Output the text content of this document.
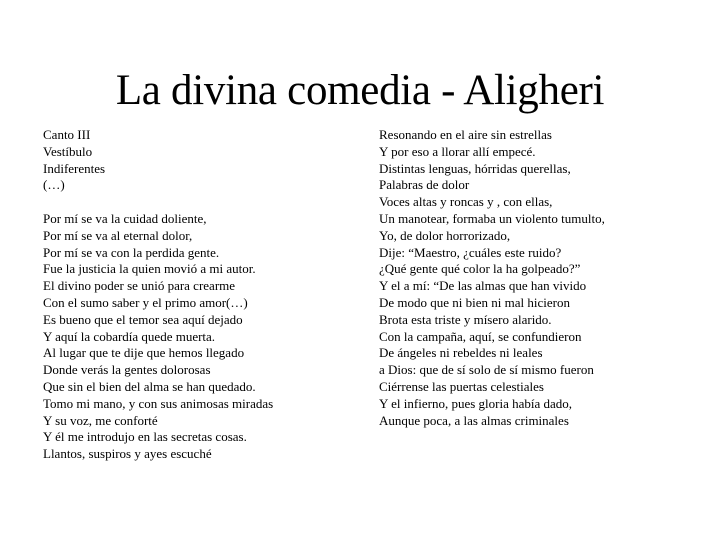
La divina comedia - Aligheri
Canto III
Vestíbulo
Indiferentes
(…)
Por mí se va la cuidad doliente,
Por mí se va al eternal dolor,
Por mí se va con la perdida gente.
Fue la justicia la quien movió a mi autor.
El divino poder se unió para crearme
Con el sumo saber y el primo amor(…)
Es bueno que el temor sea aquí dejado
Y aquí la cobardía quede muerta.
Al lugar que te dije que hemos llegado
Donde verás la gentes dolorosas
Que sin el bien del alma se han quedado.
Tomo mi mano, y con sus animosas miradas
Y su voz, me conforté
Y él me introdujo en las secretas cosas.
Llantos, suspiros y ayes escuché
Resonando en el aire sin estrellas
Y por eso a llorar allí empecé.
Distintas lenguas, hórridas querellas,
Palabras de dolor
Voces altas y roncas y , con ellas,
Un manotear, formaba un violento tumulto,
Yo, de dolor horrorizado,
Dije: “Maestro, ¿cuáles este ruido?
¿Qué gente qué color la ha golpeado?”
Y el a mí: “De las almas que han vivido
De modo que ni bien ni mal hicieron
Brota esta triste y mísero alarido.
Con la campaña, aquí, se confundieron
De ángeles ni rebeldes ni leales
a Dios: que de sí solo de sí mismo fueron
Ciérrense las puertas celestiales
Y el infierno, pues gloria había dado,
Aunque poca, a las almas criminales
